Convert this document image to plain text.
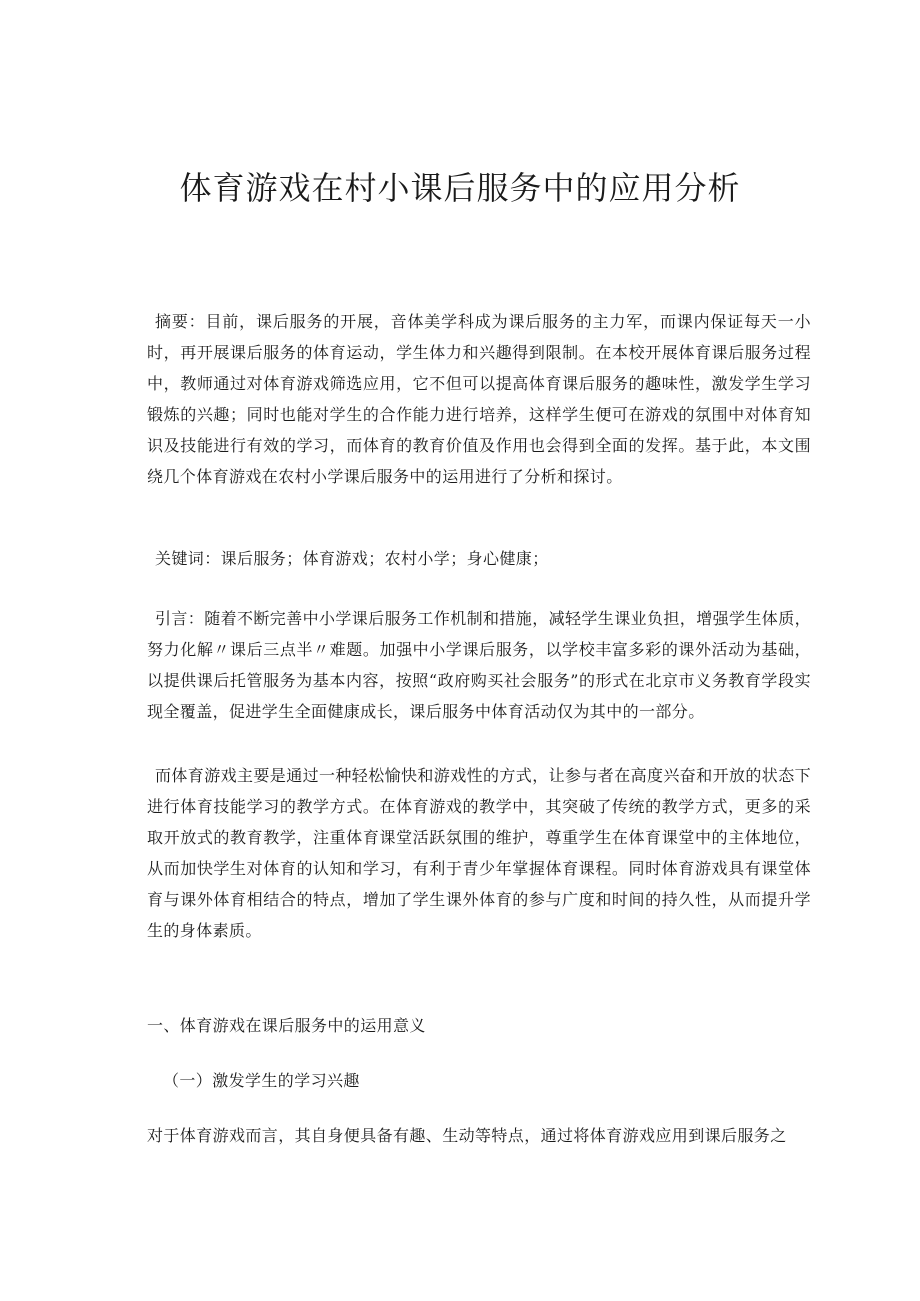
体育游戏在村小课后服务中的应用分析

摘要：目前，课后服务的开展，音体美学科成为课后服务的主力军，而课内保证每天一小时，再开展课后服务的体育运动，学生体力和兴趣得到限制。在本校开展体育课后服务过程中，教师通过对体育游戏筛选应用，它不但可以提高体育课后服务的趣味性，激发学生学习锻炼的兴趣；同时也能对学生的合作能力进行培养，这样学生便可在游戏的氛围中对体育知识及技能进行有效的学习，而体育的教育价值及作用也会得到全面的发挥。基于此，本文围绕几个体育游戏在农村小学课后服务中的运用进行了分析和探讨。

关键词：课后服务；体育游戏；农村小学；身心健康；

引言：随着不断完善中小学课后服务工作机制和措施，减轻学生课业负担，增强学生体质，努力化解〃课后三点半〃难题。加强中小学课后服务，以学校丰富多彩的课外活动为基础，以提供课后托管服务为基本内容，按照“政府购买社会服务”的形式在北京市义务教育学段实现全覆盖，促进学生全面健康成长，课后服务中体育活动仅为其中的一部分。

而体育游戏主要是通过一种轻松愉快和游戏性的方式，让参与者在高度兴奋和开放的状态下进行体育技能学习的教学方式。在体育游戏的教学中，其突破了传统的教学方式，更多的采取开放式的教育教学，注重体育课堂活跃氛围的维护，尊重学生在体育课堂中的主体地位，从而加快学生对体育的认知和学习，有利于青少年掌握体育课程。同时体育游戏具有课堂体育与课外体育相结合的特点，增加了学生课外体育的参与广度和时间的持久性，从而提升学生的身体素质。

一、体育游戏在课后服务中的运用意义
（一）激发学生的学习兴趣

对于体育游戏而言，其自身便具备有趣、生动等特点，通过将体育游戏应用到课后服务之
